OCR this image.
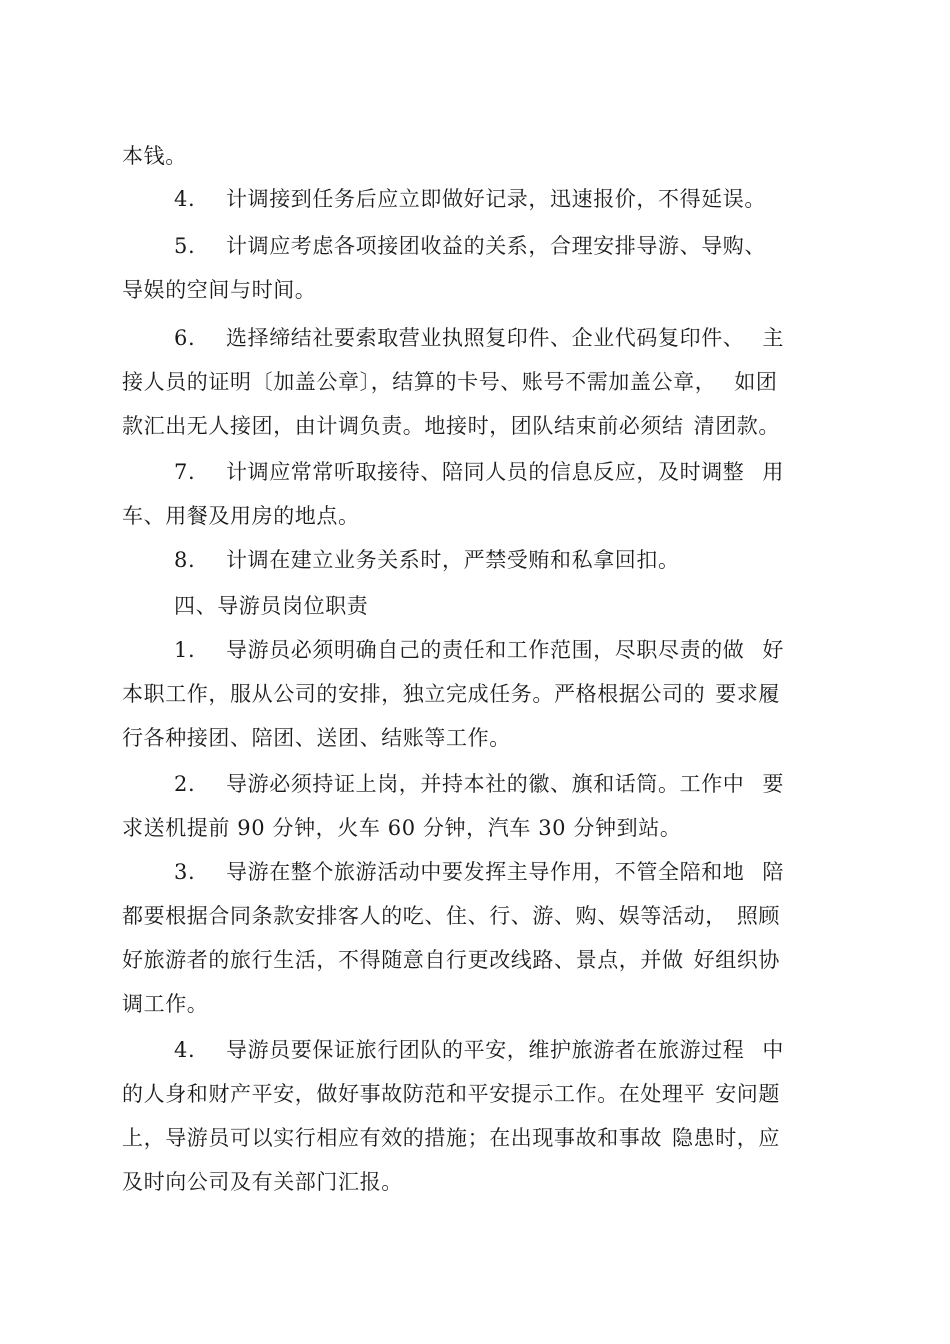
本钱。
4. 计调接到任务后应立即做好记录，迅速报价，不得延误。
5. 计调应考虑各项接团收益的关系，合理安排导游、导购、
导娱的空间与时间。
6. 选择缔结社要索取营业执照复印件、企业代码复印件、 主
接人员的证明〔加盖公章〕，结算的卡号、账号不需加盖公章， 如团
款汇出无人接团，由计调负责。地接时，团队结束前必须结 清团款。
7. 计调应常常听取接待、陪同人员的信息反应，及时调整 用
车、用餐及用房的地点。
8. 计调在建立业务关系时，严禁受贿和私拿回扣。
四、导游员岗位职责
1. 导游员必须明确自己的责任和工作范围，尽职尽责的做 好
本职工作，服从公司的安排，独立完成任务。严格根据公司的 要求履
行各种接团、陪团、送团、结账等工作。
2. 导游必须持证上岗，并持本社的徽、旗和话筒。工作中 要
求送机提前 90 分钟，火车 60 分钟，汽车 30 分钟到站。
3. 导游在整个旅游活动中要发挥主导作用，不管全陪和地 陪
都要根据合同条款安排客人的吃、住、行、游、购、娱等活动， 照顾
好旅游者的旅行生活，不得随意自行更改线路、景点，并做 好组织协
调工作。
4. 导游员要保证旅行团队的平安，维护旅游者在旅游过程 中
的人身和财产平安，做好事故防范和平安提示工作。在处理平 安问题
上，导游员可以实行相应有效的措施；在出现事故和事故 隐患时，应
及时向公司及有关部门汇报。
